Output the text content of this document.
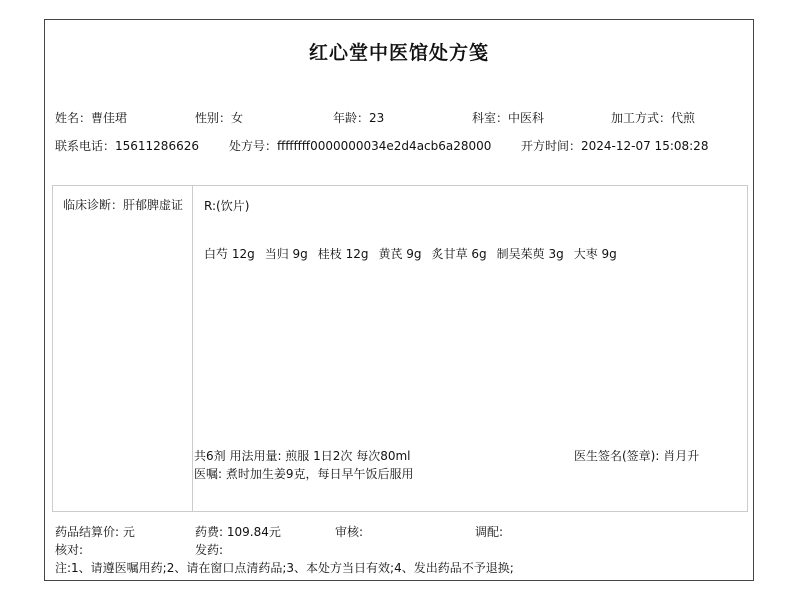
红心堂中医馆处方笺
姓名：曹佳珺	性别：女	年龄：23	科室：中医科	加工方式：代煎
联系电话：15611286626	处方号：ffffffff0000000034e2d4acb6a28000 开方时间：2024-12-07 15:08:28
临床诊断：肝郁脾虚证 R:(饮片)
白芍 12g 当归 9g 桂枝 12g 黄芪 9g 炙甘草 6g 制吴茱萸 3g 大枣 9g
共6剂 用法用量: 煎服 1日2次 每次80ml
医嘱: 煮时加生姜9克，每日早午饭后服用
医生签名(签章): 肖月升
药品结算价: 元	药费: 109.84元	审核:	调配:
核对:	发药:
注:1、请遵医嘱用药;2、请在窗口点清药品;3、本处方当日有效;4、发出药品不予退换;
